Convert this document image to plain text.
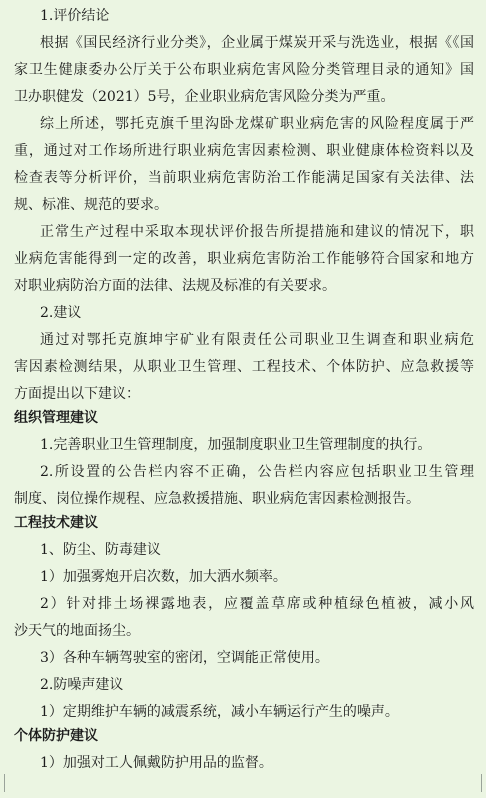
1.评价结论
根据《国民经济行业分类》，企业属于煤炭开采与洗选业，根据《《国
家卫生健康委办公厅关于公布职业病危害风险分类管理目录的通知》国
卫办职健发（2021）5号，企业职业病危害风险分类为严重。
综上所述，鄂托克旗千里沟卧龙煤矿职业病危害的风险程度属于严
重，通过对工作场所进行职业病危害因素检测、职业健康体检资料以及
检查表等分析评价，当前职业病危害防治工作能满足国家有关法律、法
规、标准、规范的要求。
正常生产过程中采取本现状评价报告所提措施和建议的情况下，职
业病危害能得到一定的改善，职业病危害防治工作能够符合国家和地方
对职业病防治方面的法律、法规及标准的有关要求。
2.建议
通过对鄂托克旗坤宇矿业有限责任公司职业卫生调查和职业病危
害因素检测结果，从职业卫生管理、工程技术、个体防护、应急救援等
方面提出以下建议：
组织管理建议
1.完善职业卫生管理制度，加强制度职业卫生管理制度的执行。
2.所设置的公告栏内容不正确，公告栏内容应包括职业卫生管理
制度、岗位操作规程、应急救援措施、职业病危害因素检测报告。
工程技术建议
1、防尘、防毒建议
1）加强雾炮开启次数，加大洒水频率。
2）针对排土场裸露地表，应覆盖草席或种植绿色植被，减小风
沙天气的地面扬尘。
3）各种车辆驾驶室的密闭，空调能正常使用。
2.防噪声建议
1）定期维护车辆的减震系统，减小车辆运行产生的噪声。
个体防护建议
1）加强对工人佩戴防护用品的监督。
